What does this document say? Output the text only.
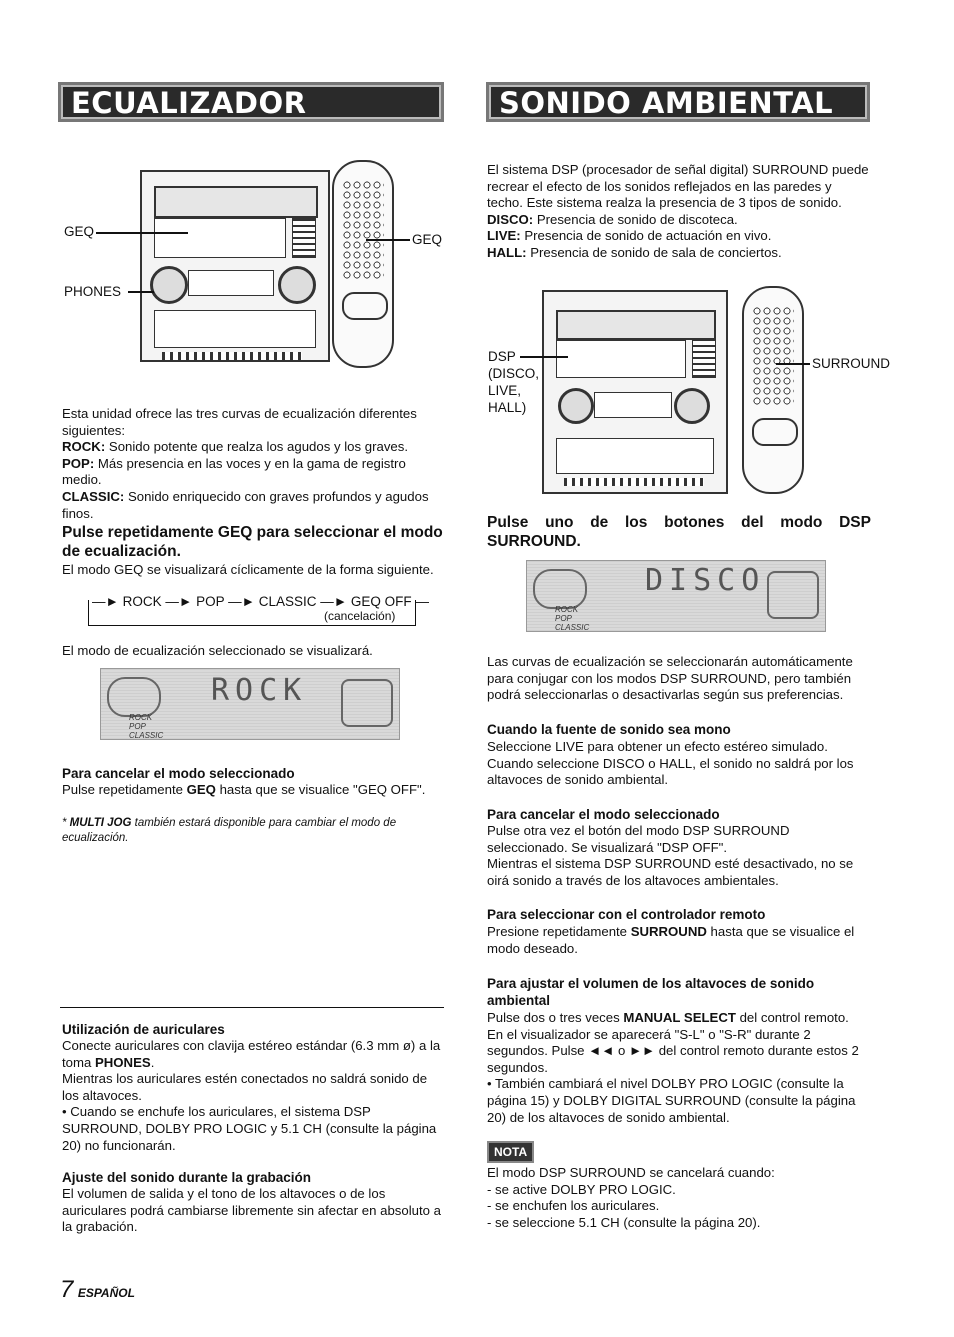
ECUALIZADOR GRAFICO
GEQ
PHONES
GEQ
Esta unidad ofrece las tres curvas de ecualización diferentes siguientes:
ROCK: Sonido potente que realza los agudos y los graves.
POP: Más presencia en las voces y en la gama de registro medio.
CLASSIC: Sonido enriquecido con graves profundos y agudos finos.
Pulse repetidamente GEQ para seleccionar el modo de ecualización.
El modo GEQ se visualizará cíclicamente de la forma siguiente.
—► ROCK —► POP —► CLASSIC —► GEQ OFF —
(cancelación)
El modo de ecualización seleccionado se visualizará.
ROCK
ROCK
POP
CLASSIC
Para cancelar el modo seleccionado
Pulse repetidamente GEQ hasta que se visualice "GEQ OFF".
* MULTI JOG también estará disponible para cambiar el modo de ecualización.
Utilización de auriculares
Conecte auriculares con clavija estéreo estándar (6.3 mm ø) a la toma PHONES.
Mientras los auriculares estén conectados no saldrá sonido de los altavoces.
• Cuando se enchufe los auriculares, el sistema DSP SURROUND, DOLBY PRO LOGIC y 5.1 CH (consulte la página 20) no funcionarán.
Ajuste del sonido durante la grabación
El volumen de salida y el tono de los altavoces o de los auriculares podrá cambiarse libremente sin afectar en absoluto a la grabación.
7 ESPAÑOL
SONIDO AMBIENTAL DEL DSP
El sistema DSP (procesador de señal digital) SURROUND puede recrear el efecto de los sonidos reflejados en las paredes y techo. Este sistema realza la presencia de 3 tipos de sonido.
DISCO: Presencia de sonido de discoteca.
LIVE: Presencia de sonido de actuación en vivo.
HALL: Presencia de sonido de sala de conciertos.
DSP
(DISCO,
LIVE,
HALL)
SURROUND
Pulse uno de los botones del modo DSP SURROUND.
DISCO
ROCK
POP
CLASSIC
Las curvas de ecualización se seleccionarán automáticamente para conjugar con los modos DSP SURROUND, pero también podrá seleccionarlas o desactivarlas según sus preferencias.
Cuando la fuente de sonido sea mono
Seleccione LIVE para obtener un efecto estéreo simulado. Cuando seleccione DISCO o HALL, el sonido no saldrá por los altavoces de sonido ambiental.
Para cancelar el modo seleccionado
Pulse otra vez el botón del modo DSP SURROUND seleccionado. Se visualizará "DSP OFF".
Mientras el sistema DSP SURROUND esté desactivado, no se oirá sonido a través de los altavoces ambientales.
Para seleccionar con el controlador remoto
Presione repetidamente SURROUND hasta que se visualice el modo deseado.
Para ajustar el volumen de los altavoces de sonido ambiental
Pulse dos o tres veces MANUAL SELECT del control remoto.
En el visualizador se aparecerá "S-L" o "S-R" durante 2
segundos. Pulse ◄◄ o ►► del control remoto durante estos 2 segundos.
• También cambiará el nivel DOLBY PRO LOGIC (consulte la página 15) y DOLBY DIGITAL SURROUND (consulte la página 20) de los altavoces de sonido ambiental.
NOTA
El modo DSP SURROUND se cancelará cuando:
- se active DOLBY PRO LOGIC.
- se enchufen los auriculares.
- se seleccione 5.1 CH (consulte la página 20).
